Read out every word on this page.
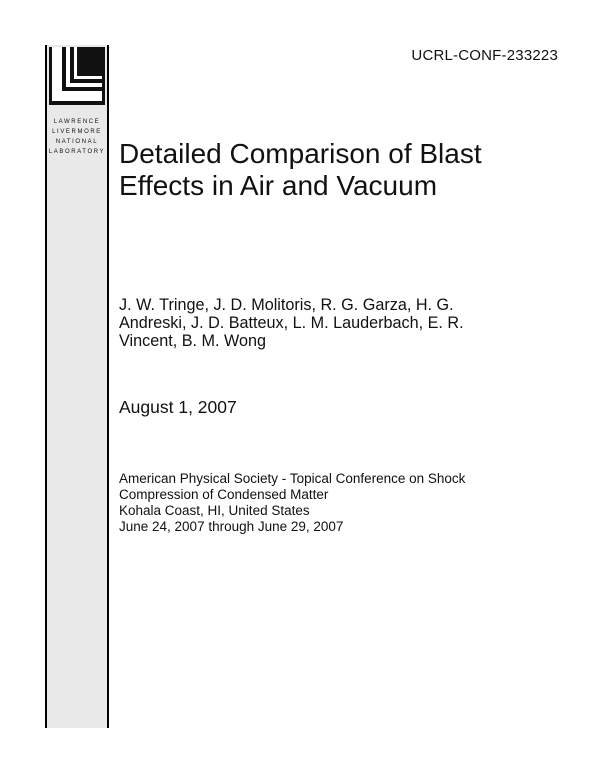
LAWRENCE
LIVERMORE
NATIONAL
LABORATORY
UCRL-CONF-233223
Detailed Comparison of Blast
Effects in Air and Vacuum
J. W. Tringe, J. D. Molitoris, R. G. Garza, H. G.
Andreski, J. D. Batteux, L. M. Lauderbach, E. R.
Vincent, B. M. Wong
August 1, 2007
American Physical Society - Topical Conference on Shock
Compression of Condensed Matter
Kohala Coast, HI, United States
June 24, 2007 through June 29, 2007
